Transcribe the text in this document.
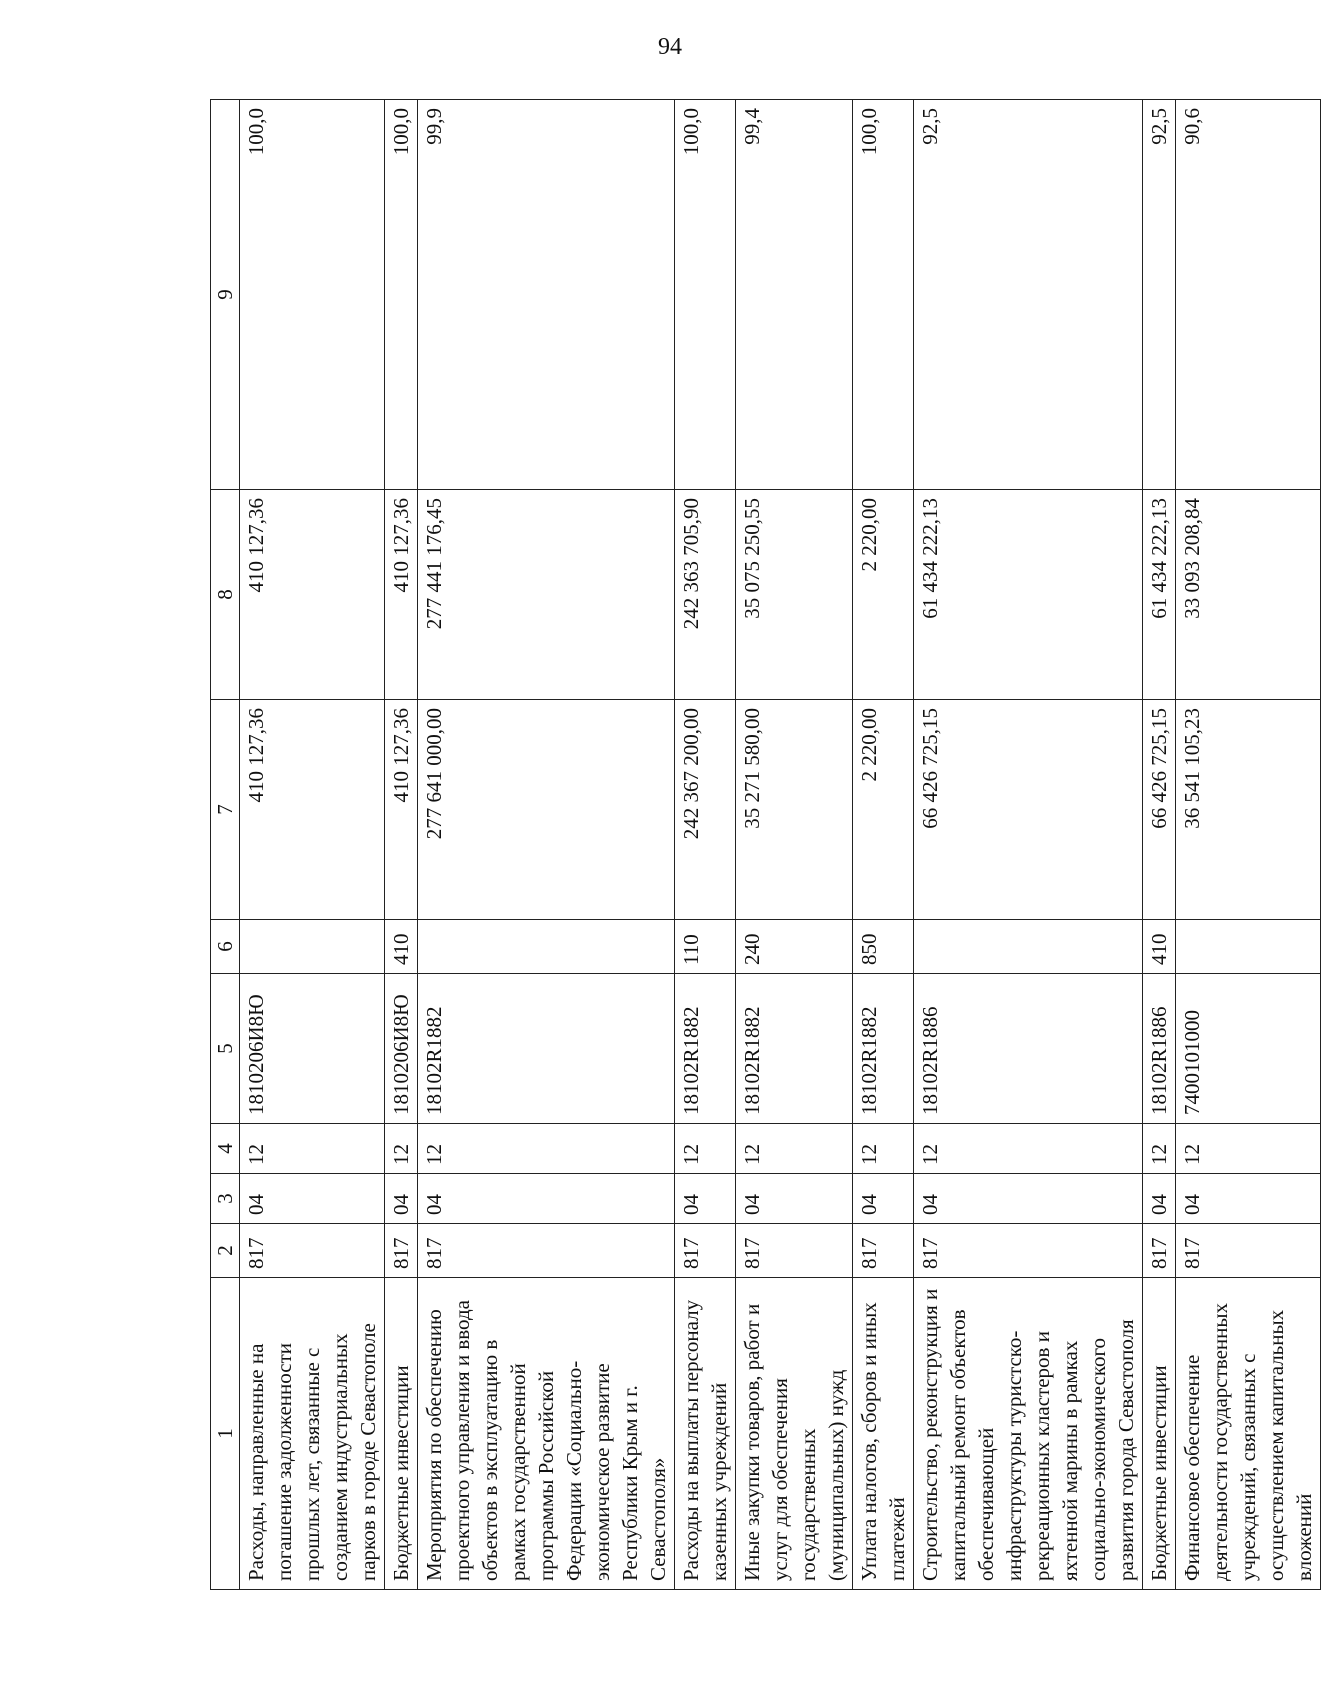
94
1	2	3	4	5	6	7	8	9
Расходы, направленные на погашение задолженности прошлых лет, связанные с созданием индустриальных парков в городе Севастополе	817	04	12	1810206И8Ю		410 127,36	410 127,36	100,0
Бюджетные инвестиции	817	04	12	1810206И8Ю	410	410 127,36	410 127,36	100,0
Мероприятия по обеспечению проектного управления и ввода объектов в эксплуатацию в рамках государственной программы Российской Федерации «Социально-экономическое развитие Республики Крым и г. Севастополя»	817	04	12	18102R1882		277 641 000,00	277 441 176,45	99,9
Расходы на выплаты персоналу казенных учреждений	817	04	12	18102R1882	110	242 367 200,00	242 363 705,90	100,0
Иные закупки товаров, работ и услуг для обеспечения государственных (муниципальных) нужд	817	04	12	18102R1882	240	35 271 580,00	35 075 250,55	99,4
Уплата налогов, сборов и иных платежей	817	04	12	18102R1882	850	2 220,00	2 220,00	100,0
Строительство, реконструкция и капитальный ремонт объектов обеспечивающей инфраструктуры туристско-рекреационных кластеров и яхтенной марины в рамках социально-экономического развития города Севастополя	817	04	12	18102R1886		66 426 725,15	61 434 222,13	92,5
Бюджетные инвестиции	817	04	12	18102R1886	410	66 426 725,15	61 434 222,13	92,5
Финансовое обеспечение деятельности государственных учреждений, связанных с осуществлением капитальных вложений	817	04	12	7400101000		36 541 105,23	33 093 208,84	90,6
